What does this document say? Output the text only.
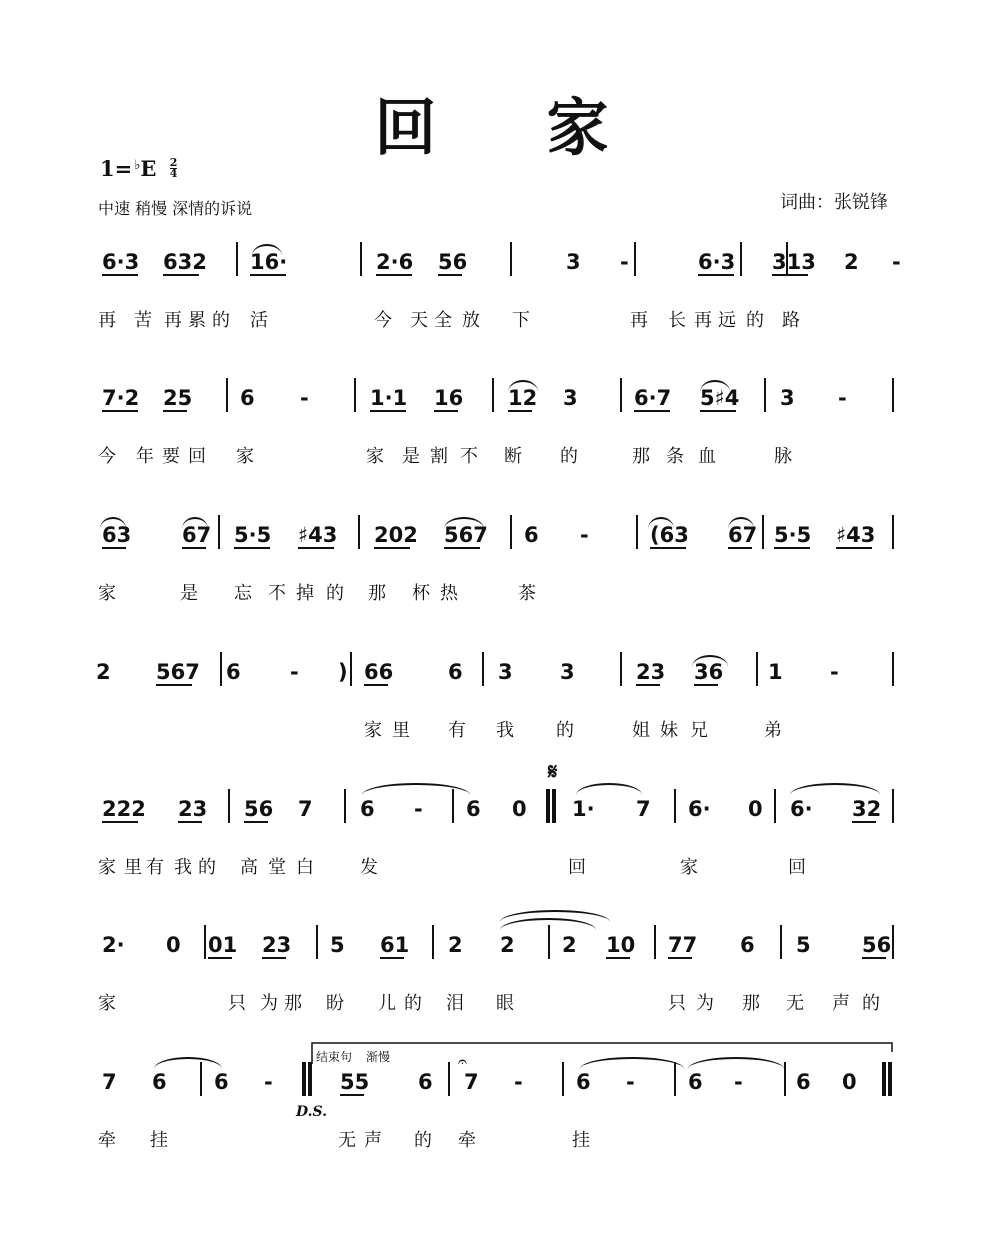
回家
$1= ^♭E \frac{2}{4}$
中速 稍慢 深情的诉说	词曲：张锐锋
6·3 632 16·	2·6 56	3 -	6·3 313 2 -
再 苦 再 累 的 活	今 天 全 放 下	再 长 再 远 的 路
7·2 25 6 -	1·1 16 12 3	6·7 5♯4 3 -
今 年 要 回 家	家 是 割 不 断 的	那 条 血	脉
63 67 5·5 ♯43 202 567 6 -	(63 67 5·5 ♯43
家	是 忘 不 掉 的 那 杯 热	茶
2 567 6 - ) 66	6 3 3	23 36 1 -
家 里 有 我 的	姐 妹 兄	弟
222 23 56 7 6 - 6 0 1· 7 6· 0 6· 32
家 里 有 我 的 高 堂 白	发	回	家	回
2· 0 01 23 5 61 2 2 2 10 77 6 5 56
家	只 为 那 盼 儿 的 泪 眼	只 为 那 无 声 的
7 6 6 -	55 6 7 -	6 -	6 -	6 0
牵 挂	无 声 的 牵	挂
结束句 渐慢
D.S.
𝄋
𝄐
